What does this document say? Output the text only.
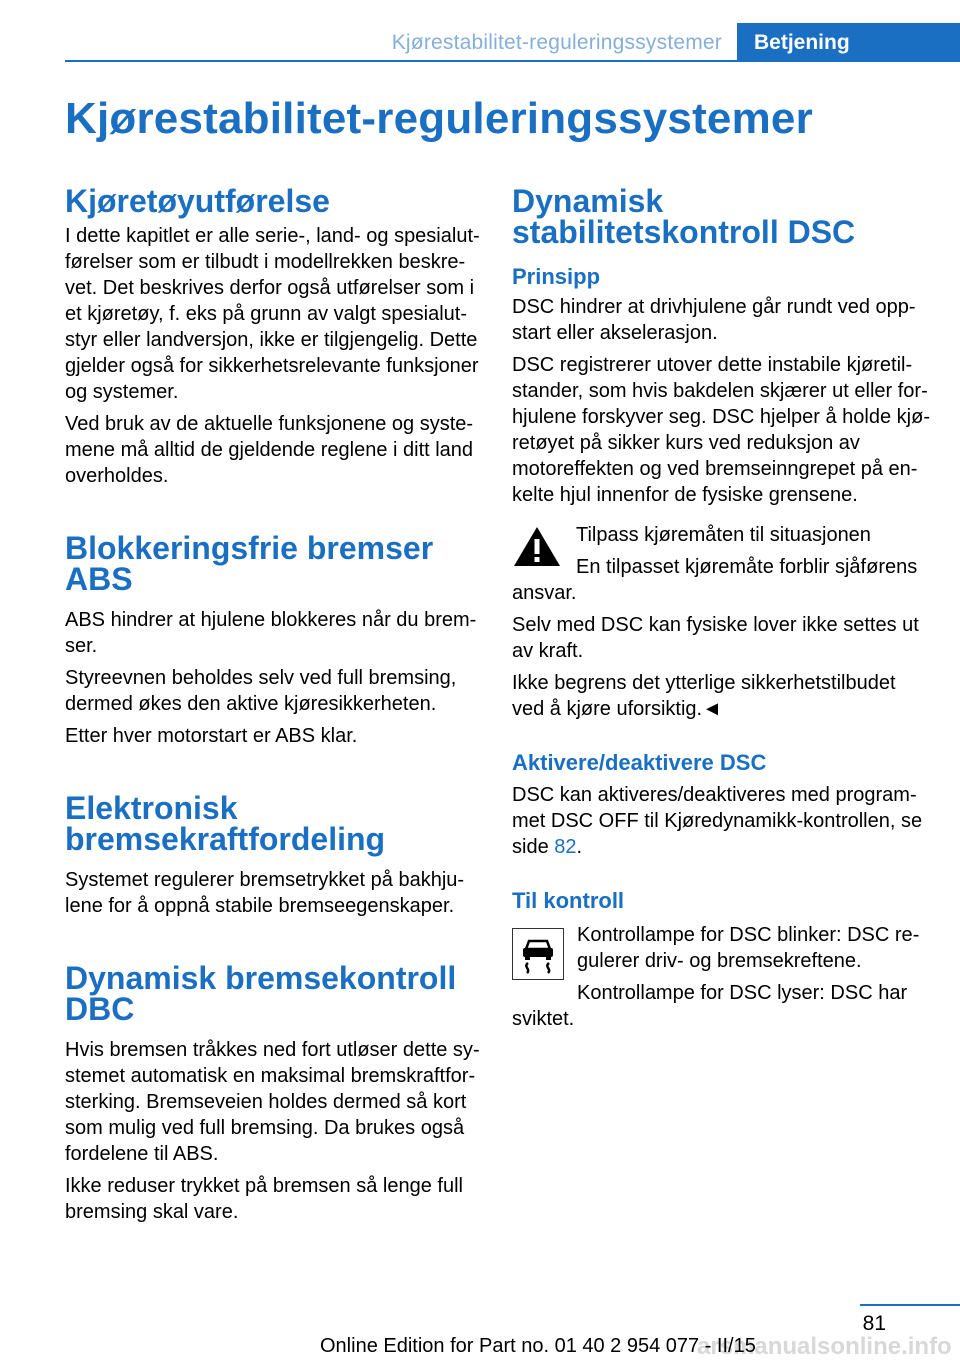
Kjørestabilitet-reguleringssystemer	Betjening
Kjørestabilitet-reguleringssystemer
Kjøretøyutførelse

I dette kapitlet er alle serie-, land- og spesialutførelser som er tilbudt i modellrekken beskrevet. Det beskrives derfor også utførelser som i et kjøretøy, f. eks på grunn av valgt spesialutstyr eller landversjon, ikke er tilgjengelig. Dette gjelder også for sikkerhetsrelevante funksjoner og systemer.

Ved bruk av de aktuelle funksjonene og systemene må alltid de gjeldende reglene i ditt land overholdes.

Blokkeringsfrie bremser ABS

ABS hindrer at hjulene blokkeres når du bremser.

Styreevnen beholdes selv ved full bremsing, dermed økes den aktive kjøresikkerheten.

Etter hver motorstart er ABS klar.

Elektronisk bremsekraftfordeling

Systemet regulerer bremsetrykket på bakhjulene for å oppnå stabile bremseegenskaper.

Dynamisk bremsekontroll DBC

Hvis bremsen tråkkes ned fort utløser dette systemet automatisk en maksimal bremskraftforsterking. Bremseveien holdes dermed så kort som mulig ved full bremsing. Da brukes også fordelene til ABS.

Ikke reduser trykket på bremsen så lenge full bremsing skal vare.

Dynamisk stabilitetskontroll DSC
Prinsipp

DSC hindrer at drivhjulene går rundt ved oppstart eller akselerasjon.

DSC registrerer utover dette instabile kjøretilstander, som hvis bakdelen skjærer ut eller forhjulene forskyver seg. DSC hjelper å holde kjøretøyet på sikker kurs ved reduksjon av motoreffekten og ved bremseinngrepet på enkelte hjul innenfor de fysiske grensene.

Tilpass kjøremåten til situasjonen

En tilpasset kjøremåte forblir sjåførens ansvar.

Selv med DSC kan fysiske lover ikke settes ut av kraft.

Ikke begrens det ytterlige sikkerhetstilbudet ved å kjøre uforsiktig.◄

Aktivere/deaktivere DSC

DSC kan aktiveres/deaktiveres med programmet DSC OFF til Kjøredynamikk-kontrollen, se side 82.

Til kontroll

Kontrollampe for DSC blinker: DSC regulerer driv- og bremsekreftene.

Kontrollampe for DSC lyser: DSC har sviktet.

81
arsmanualsonline.info
Online Edition for Part no. 01 40 2 954 077 - II/15
